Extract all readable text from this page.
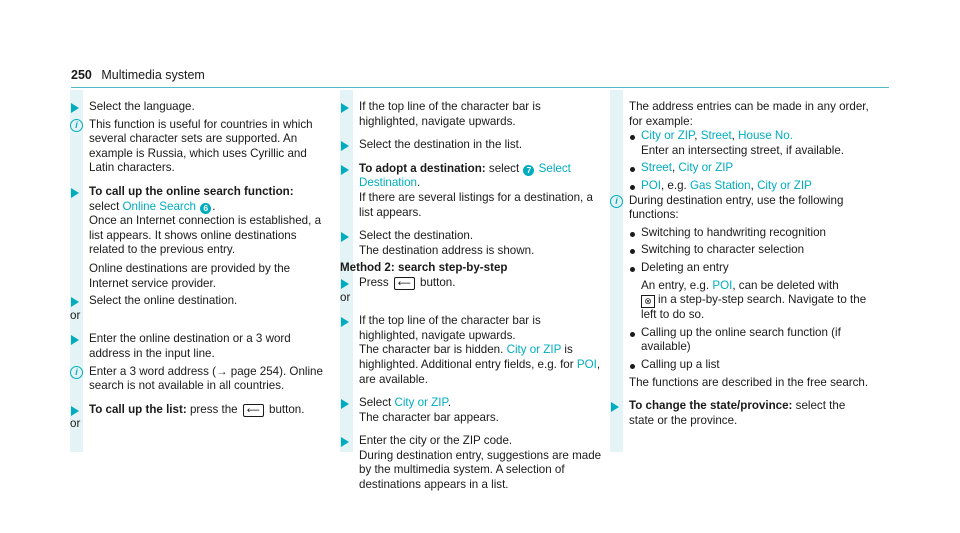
250 Multimedia system
Select the language.
i This function is useful for countries in which several character sets are supported. An example is Russia, which uses Cyrillic and Latin characters.
To call up the online search function:
select Online Search 6 .
Once an Internet connection is established, a list appears. It shows online destinations related to the previous entry.
Online destinations are provided by the Internet service provider.
Select the online destination.
or
Enter the online destination or a 3 word address in the input line.
i Enter a 3 word address (→ page 254). Online search is not available in all countries.
To call up the list: press the ⟵ button.
or
If the top line of the character bar is highlighted, navigate upwards.
Select the destination in the list.
To adopt a destination: select 7 Select Destination.
If there are several listings for a destination, a list appears.
Select the destination.
The destination address is shown.
Method 2: search step-by-step
Press ⟵ button.
or
If the top line of the character bar is highlighted, navigate upwards.
The character bar is hidden. City or ZIP is highlighted. Additional entry fields, e.g. for POI, are available.
Select City or ZIP.
The character bar appears.
Enter the city or the ZIP code.
During destination entry, suggestions are made by the multimedia system. A selection of destinations appears in a list.
The address entries can be made in any order, for example:
City or ZIP, Street, House No.
Enter an intersecting street, if available.
Street, City or ZIP
POI, e.g. Gas Station, City or ZIP
i During destination entry, use the following functions:
Switching to handwriting recognition
Switching to character selection
Deleting an entry
An entry, e.g. POI, can be deleted with
⊗ in a step-by-step search. Navigate to the left to do so.
Calling up the online search function (if available)
Calling up a list
The functions are described in the free search.
To change the state/province: select the state or the province.
